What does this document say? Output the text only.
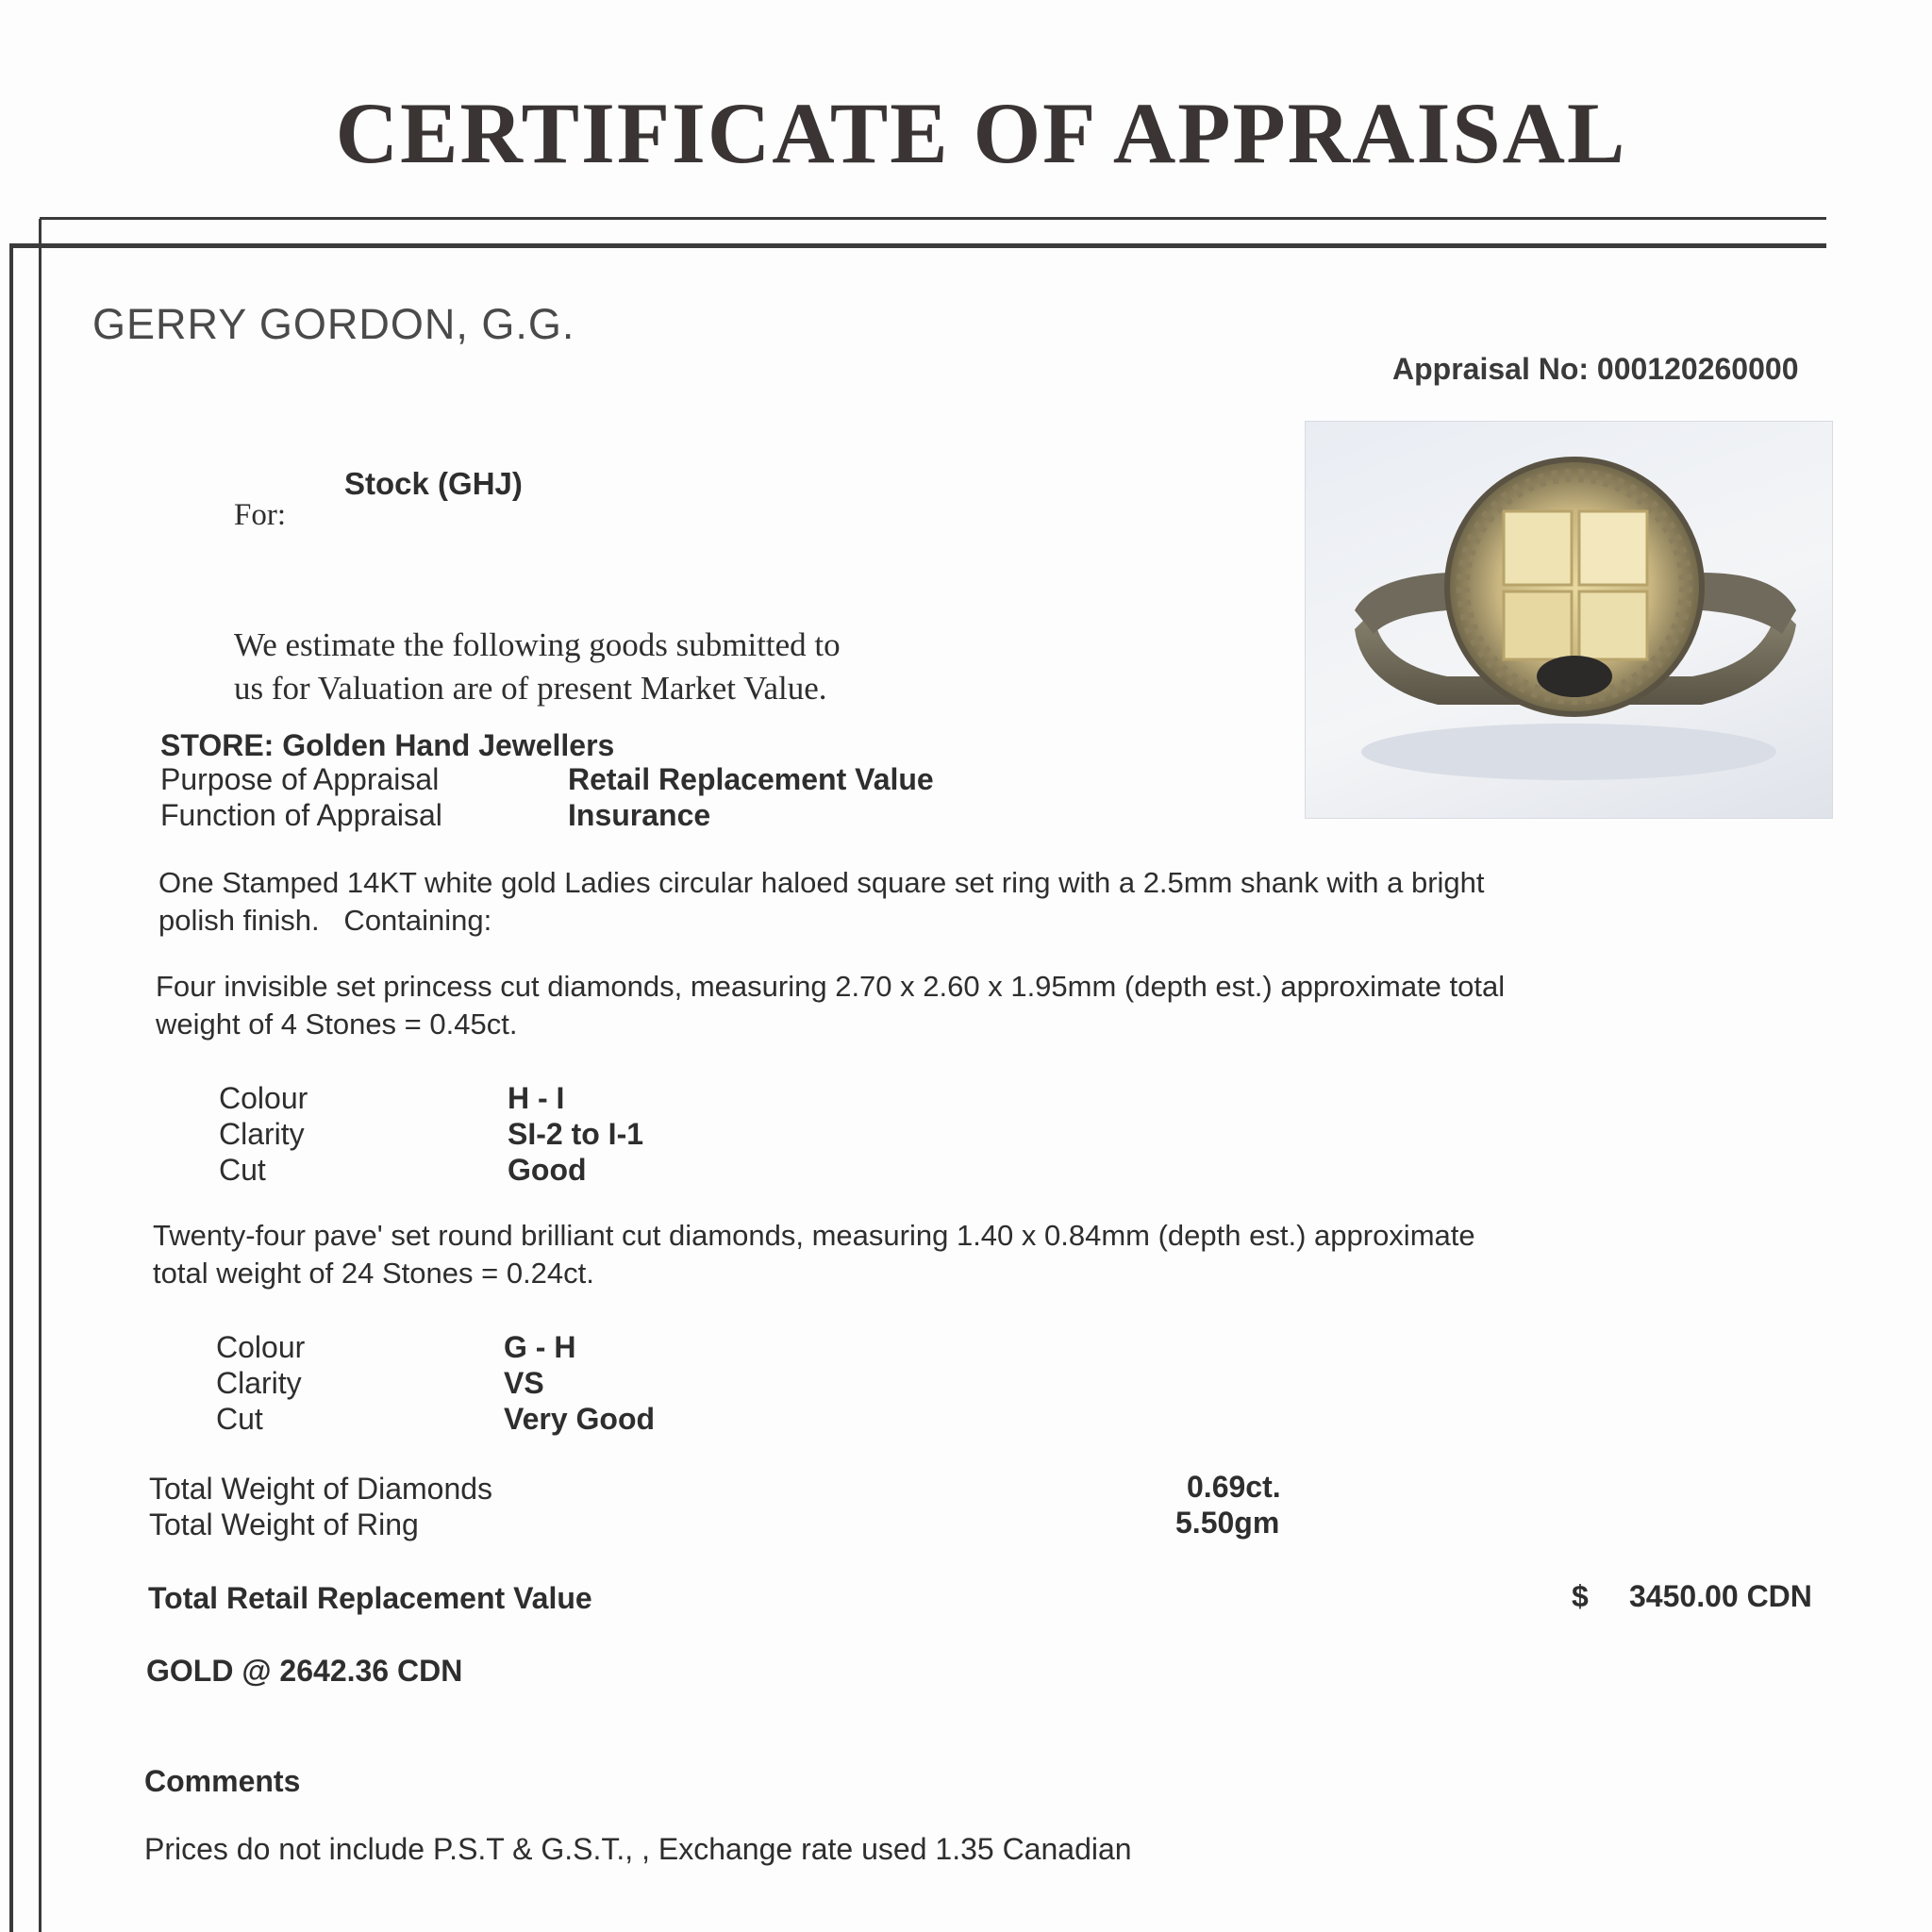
CERTIFICATE OF APPRAISAL
GERRY GORDON, G.G.
Appraisal No: 000120260000
Stock (GHJ)
For:
We estimate the following goods submitted to
us for Valuation are of present Market Value.
STORE: Golden Hand Jewellers
Purpose of Appraisal	Retail Replacement Value
Function of Appraisal	Insurance
One Stamped 14KT white gold Ladies circular haloed square set ring with a 2.5mm shank with a bright
polish finish.   Containing:
Four invisible set princess cut diamonds, measuring 2.70 x 2.60 x 1.95mm (depth est.) approximate total
weight of 4 Stones = 0.45ct.
Colour	H - I
Clarity	SI-2 to I-1
Cut	Good
Twenty-four pave' set round brilliant cut diamonds, measuring 1.40 x 0.84mm (depth est.) approximate
total weight of 24 Stones = 0.24ct.
Colour	G - H
Clarity	VS
Cut	Very Good
Total Weight of Diamonds	0.69ct.
Total Weight of Ring	5.50gm
Total Retail Replacement Value	$ 3450.00 CDN
GOLD @ 2642.36 CDN
Comments
Prices do not include P.S.T & G.S.T., , Exchange rate used 1.35 Canadian
